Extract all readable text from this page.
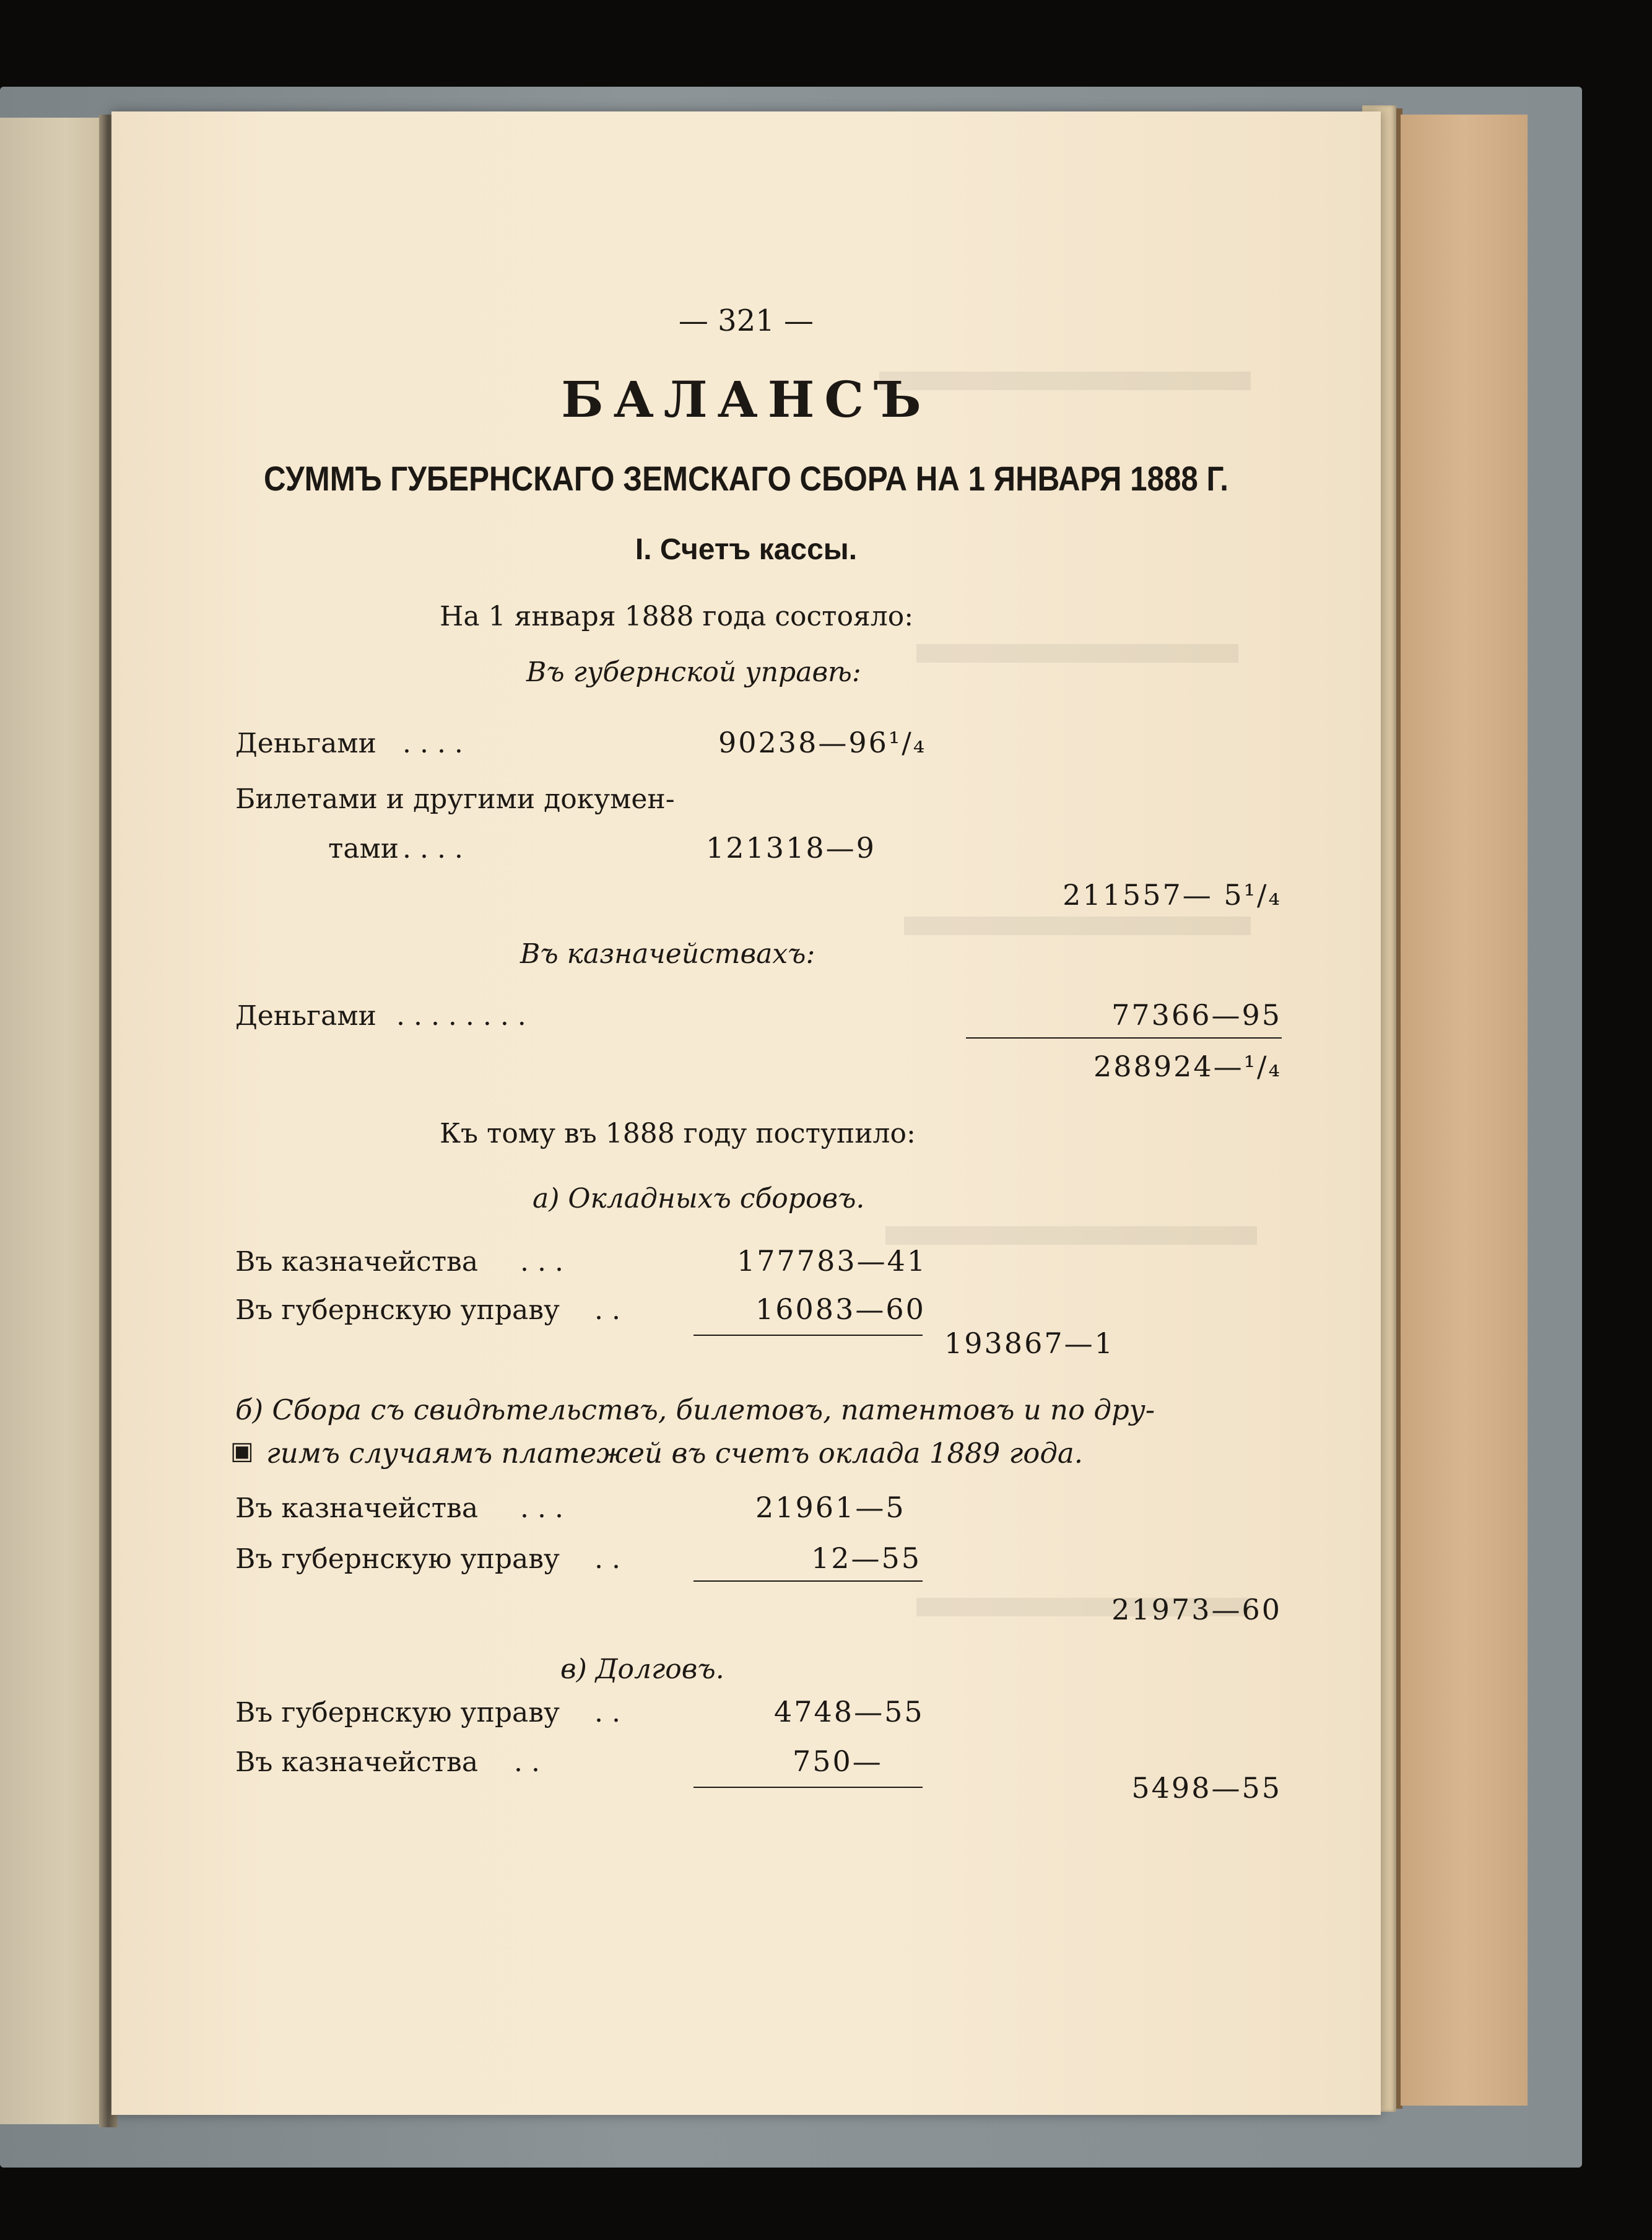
— 321 —
БАЛАНСЪ
СУММЪ ГУБЕРНСКАГО ЗЕМСКАГО СБОРА НА 1 ЯНВАРЯ 1888 Г.
I. Счетъ кассы.
На 1 января 1888 года состояло:
Въ губернской управѣ:
Деньгами . . . .	90238—96¹/₄
Билетами и другими докумен-
тами . . . .	121318—9
211557— 5¹/₄
Въ казначействахъ:
Деньгами . . . . . . . .	77366—95
288924—¹/₄
Къ тому въ 1888 году поступило:
а) Окладныхъ сборовъ.
Въ казначейства . . .	177783—41
Въ губернскую управу . .	16083—60
193867—1
б) Сбора съ свидѣтельствъ, билетовъ, патентовъ и по дру-
▣ гимъ случаямъ платежей въ счетъ оклада 1889 года.
Въ казначейства . . .	21961—5
Въ губернскую управу . .	12—55
21973—60
в) Долговъ.
Въ губернскую управу . .	4748—55
Въ казначейства . .	750—
5498—55
